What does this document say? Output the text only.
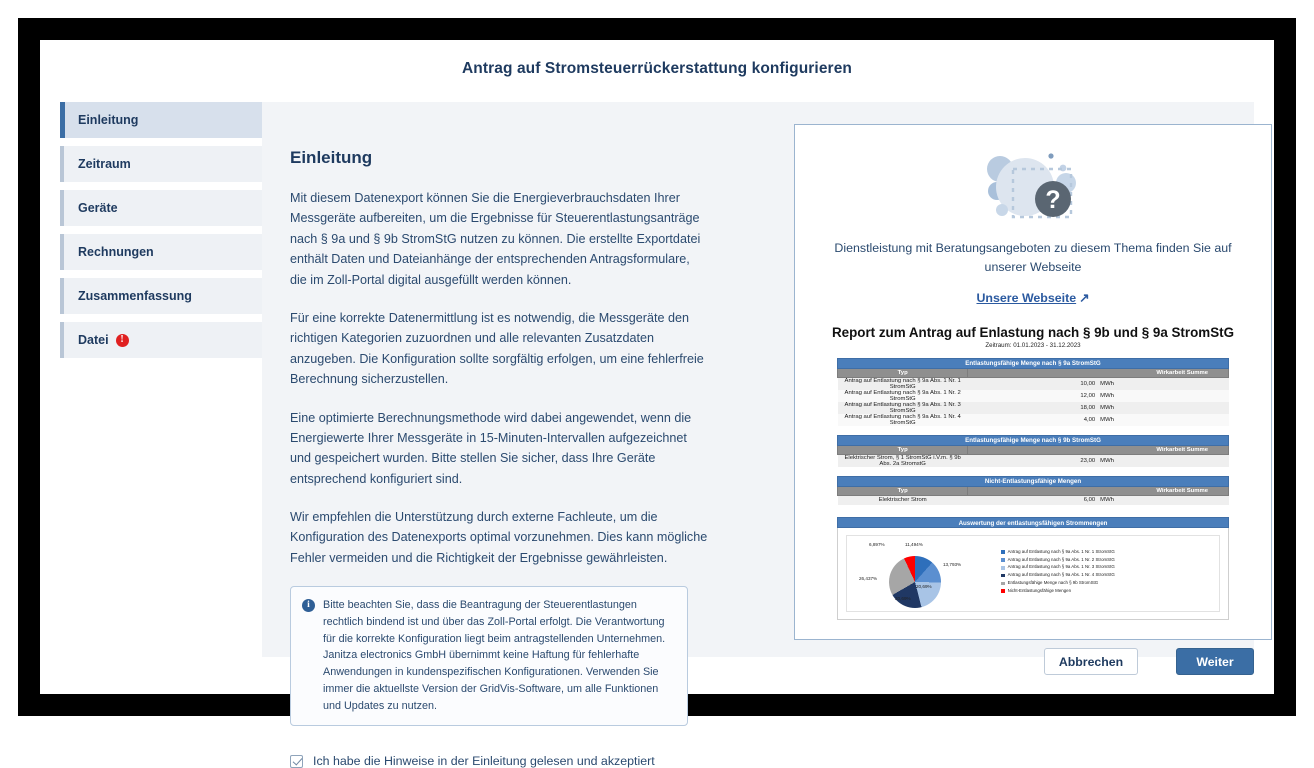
Antrag auf Stromsteuerrückerstattung konfigurieren
Einleitung
Zeitraum
Geräte
Rechnungen
Zusammenfassung
Datei	!
Einleitung

Mit diesem Datenexport können Sie die Energieverbrauchsdaten Ihrer Messgeräte aufbereiten, um die Ergebnisse für Steuerentlastungsanträge nach § 9a und § 9b StromStG nutzen zu können. Die erstellte Exportdatei enthält Daten und Dateianhänge der entsprechenden Antragsformulare, die im Zoll-Portal digital ausgefüllt werden können.

Für eine korrekte Datenermittlung ist es notwendig, die Messgeräte den richtigen Kategorien zuzuordnen und alle relevanten Zusatzdaten anzugeben. Die Konfiguration sollte sorgfältig erfolgen, um eine fehlerfreie Berechnung sicherzustellen.

Eine optimierte Berechnungsmethode wird dabei angewendet, wenn die Energiewerte Ihrer Messgeräte in 15-Minuten-Intervallen aufgezeichnet und gespeichert wurden. Bitte stellen Sie sicher, dass Ihre Geräte entsprechend konfiguriert sind.

Wir empfehlen die Unterstützung durch externe Fachleute, um die Konfiguration des Datenexports optimal vorzunehmen. Dies kann mögliche Fehler vermeiden und die Richtigkeit der Ergebnisse gewährleisten.

i	Bitte beachten Sie, dass die Beantragung der Steuerentlastungen rechtlich bindend ist und über das Zoll-Portal erfolgt. Die Verantwortung für die korrekte Konfiguration liegt beim antragstellenden Unternehmen. Janitza electronics GmbH übernimmt keine Haftung für fehlerhafte Anwendungen in kundenspezifischen Konfigurationen. Verwenden Sie immer die aktuellste Version der GridVis-Software, um alle Funktionen und Updates zu nutzen.
Ich habe die Hinweise in der Einleitung gelesen und akzeptiert
?
Dienstleistung mit Beratungsangeboten zu diesem Thema finden Sie auf unserer Webseite
Unsere Webseite ↗
Report zum Antrag auf Enlastung nach § 9b und § 9a StromStG
Zeitraum: 01.01.2023 - 31.12.2023
Entlastungsfähige Menge nach § 9a StromStG		
Typ	Wirkarbeit Summe	
Antrag auf Entlastung nach § 9a Abs. 1 Nr. 1 StromStG	10,00	MWh
Antrag auf Entlastung nach § 9a Abs. 1 Nr. 2 StromStG	12,00	MWh
Antrag auf Entlastung nach § 9a Abs. 1 Nr. 3 StromStG	18,00	MWh
Antrag auf Entlastung nach § 9a Abs. 1 Nr. 4 StromStG	4,00	MWh
Entlastungsfähige Menge nach § 9b StromStG		
Typ	Wirkarbeit Summe	
Elektrischer Strom, § 1 StromStG i.V.m. § 9b Abs. 2a StromstG	23,00	MWh
Nicht-Entlastungsfähige Mengen		
Typ	Wirkarbeit Summe	
Elektrischer Strom	6,00	MWh
Auswertung der entlastungsfähigen Strommengen
11,494%
13,793%
20,69%
20,69%
26,437%
6,897%
Antrag auf Entlastung nach § 9a Abs. 1 Nr. 1 StromStG
Antrag auf Entlastung nach § 9a Abs. 1 Nr. 2 StromStG
Antrag auf Entlastung nach § 9a Abs. 1 Nr. 3 StromStG
Antrag auf Entlastung nach § 9a Abs. 1 Nr. 4 StromStG
Entlastungsfähige Menge nach § 9b StromStG
Nicht-Entlastungsfähige Mengen
Abbrechen	Weiter
